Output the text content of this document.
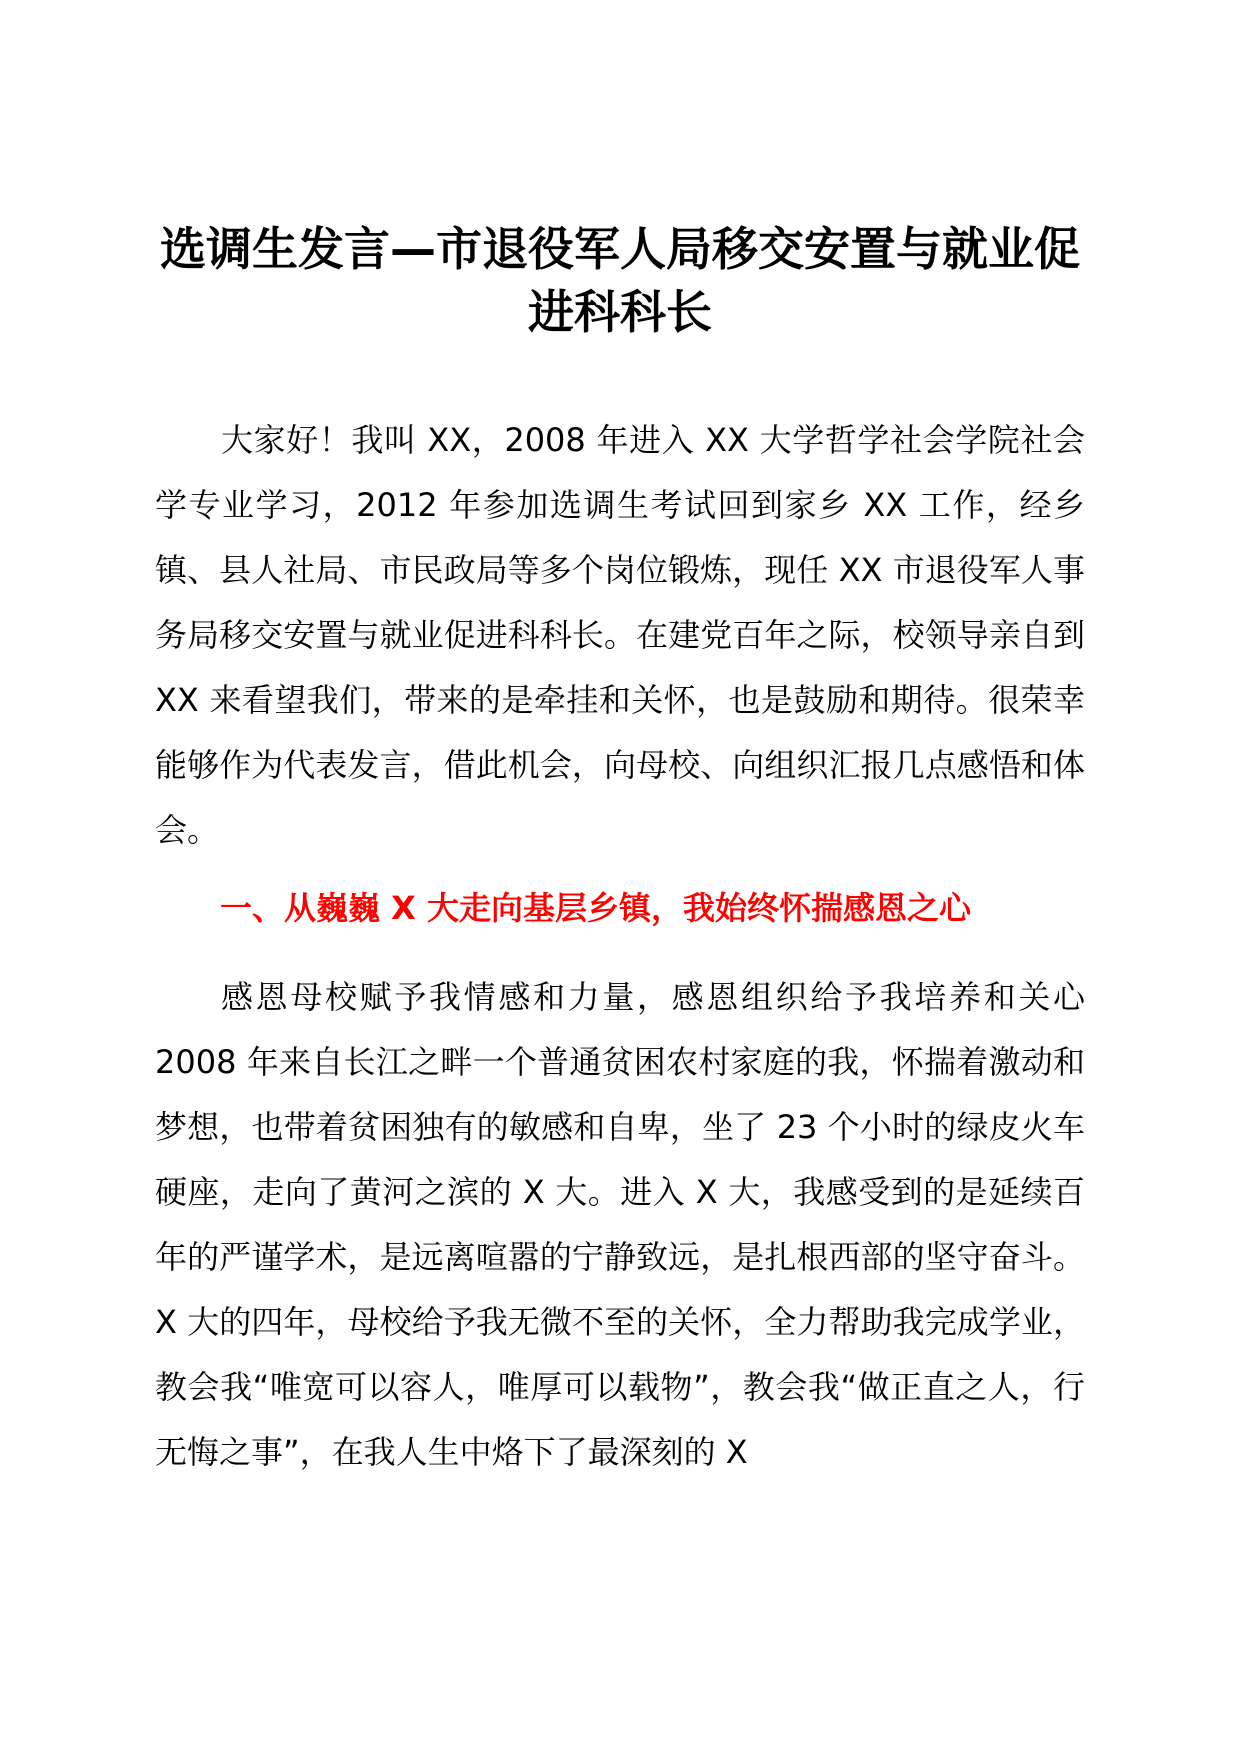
选调生发言—市退役军人局移交安置与就业促进科科长

大家好！我叫 XX，2008 年进入 XX 大学哲学社会学院社会学专业学习，2012 年参加选调生考试回到家乡 XX 工作，经乡镇、县人社局、市民政局等多个岗位锻炼，现任 XX 市退役军人事务局移交安置与就业促进科科长。在建党百年之际，校领导亲自到 XX 来看望我们，带来的是牵挂和关怀，也是鼓励和期待。很荣幸能够作为代表发言，借此机会，向母校、向组织汇报几点感悟和体会。

一、从巍巍 X 大走向基层乡镇，我始终怀揣感恩之心

感恩母校赋予我情感和力量，感恩组织给予我培养和关心 2008 年来自长江之畔一个普通贫困农村家庭的我，怀揣着激动和梦想，也带着贫困独有的敏感和自卑，坐了 23 个小时的绿皮火车硬座，走向了黄河之滨的 X 大。进入 X 大，我感受到的是延续百年的严谨学术，是远离喧嚣的宁静致远，是扎根西部的坚守奋斗。X 大的四年，母校给予我无微不至的关怀，全力帮助我完成学业，教会我“唯宽可以容人，唯厚可以载物”，教会我“做正直之人，行无悔之事”，在我人生中烙下了最深刻的 X
